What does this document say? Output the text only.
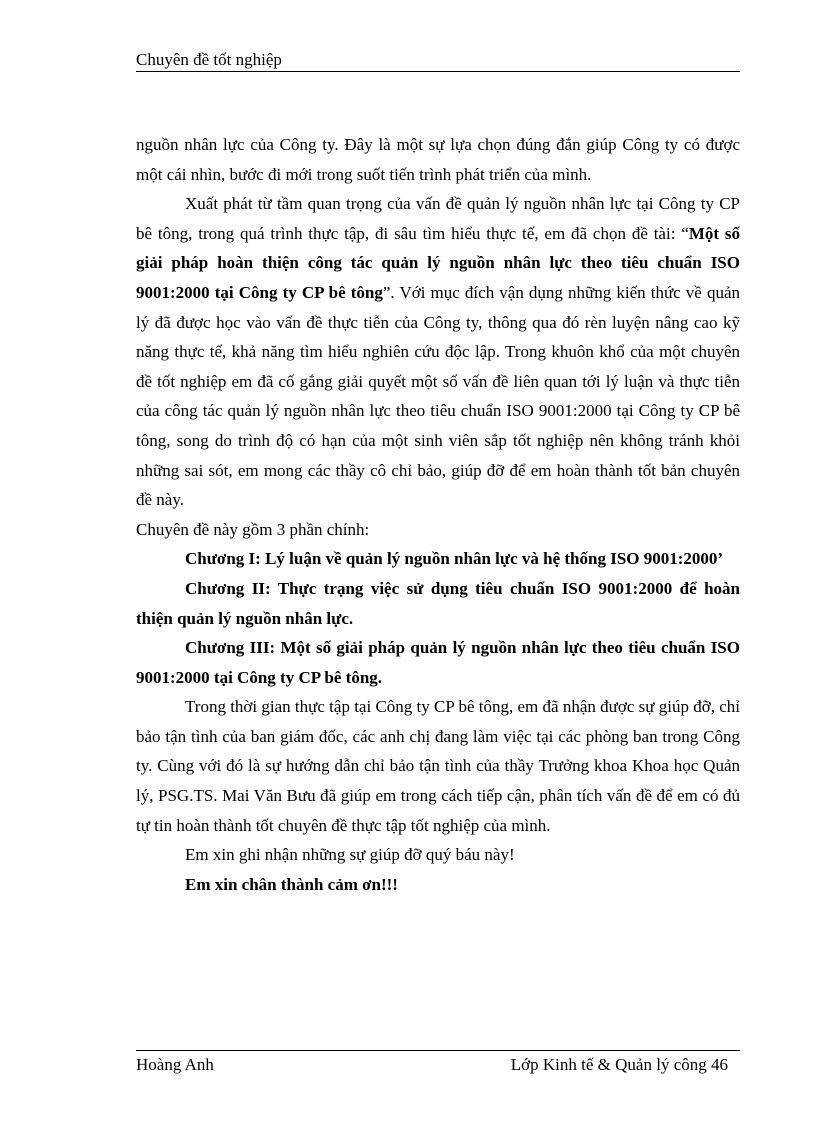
Chuyên đề tốt nghiệp

nguồn nhân lực của Công ty. Đây là một sự lựa chọn đúng đắn giúp Công ty có được một cái nhìn, bước đi mới trong suốt tiến trình phát triển của mình.

Xuất phát từ tầm quan trọng của vấn đề quản lý nguồn nhân lực tại Công ty CP bê tông, trong quá trình thực tập, đi sâu tìm hiểu thực tế, em đã chọn đề tài: “Một số giải pháp hoàn thiện công tác quản lý nguồn nhân lực theo tiêu chuẩn ISO 9001:2000 tại Công ty CP bê tông”. Với mục đích vận dụng những kiến thức về quản lý đã được học vào vấn đề thực tiễn của Công ty, thông qua đó rèn luyện nâng cao kỹ năng thực tế, khả năng tìm hiểu nghiên cứu độc lập. Trong khuôn khổ của một chuyên đề tốt nghiệp em đã cố gắng giải quyết một số vấn đề liên quan tới lý luận và thực tiễn của công tác quản lý nguồn nhân lực theo tiêu chuẩn ISO 9001:2000 tại Công ty CP bê tông, song do trình độ có hạn của một sinh viên sắp tốt nghiệp nên không tránh khỏi những sai sót, em mong các thầy cô chỉ bảo, giúp đỡ để em hoàn thành tốt bản chuyên đề này.

Chuyên đề này gồm 3 phần chính:

Chương I: Lý luận về quản lý nguồn nhân lực và hệ thống ISO 9001:2000’

Chương II: Thực trạng việc sử dụng tiêu chuẩn ISO 9001:2000 để hoàn thiện quản lý nguồn nhân lực.

Chương III: Một số giải pháp quản lý nguồn nhân lực theo tiêu chuẩn ISO 9001:2000 tại Công ty CP bê tông.

Trong thời gian thực tập tại Công ty CP bê tông, em đã nhận được sự giúp đỡ, chỉ bảo tận tình của ban giám đốc, các anh chị đang làm việc tại các phòng ban trong Công ty. Cùng với đó là sự hướng dẫn chỉ bảo tận tình của thầy Trưởng khoa Khoa học Quản lý, PSG.TS. Mai Văn Bưu đã giúp em trong cách tiếp cận, phân tích vấn đề để em có đủ tự tin hoàn thành tốt chuyên đề thực tập tốt nghiệp của mình.

Em xin ghi nhận những sự giúp đỡ quý báu này!

Em xin chân thành cảm ơn!!!

Hoàng Anh	Lớp Kinh tế & Quản lý công 46
